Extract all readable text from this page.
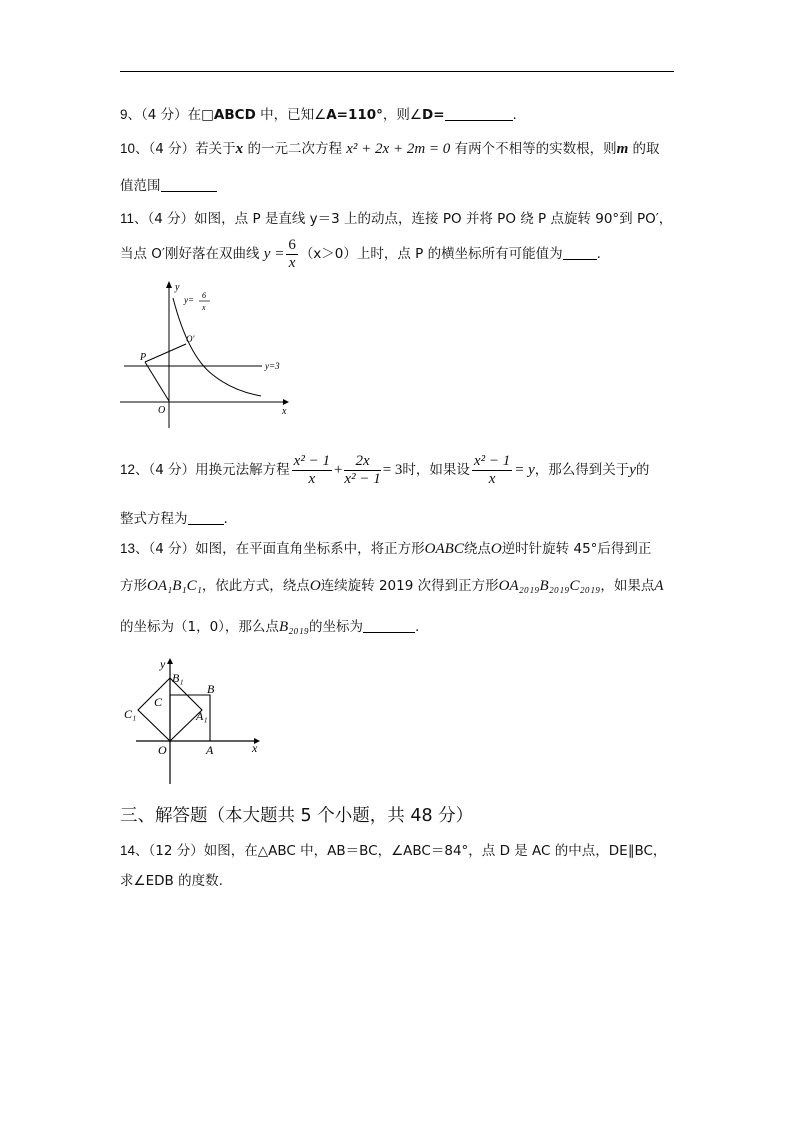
9、（4 分）在□ABCD 中，已知∠A=110°，则∠D=	.
10、（4 分）若关于x 的一元二次方程 x² + 2x + 2m = 0 有两个不相等的实数根，则m 的取
值范围
11、（4 分）如图，点 P 是直线 y＝3 上的动点，连接 PO 并将 PO 绕 P 点旋转 90°到 PO′，
当点 O′刚好落在双曲线 $y = \frac{6}{x} (x>0)$上时，点 P 的横坐标所有可能值为	.
y= 6
x
y=3
P
O'
O	x
y
12、（4 分）用换元法解方程 $\frac{\text{x² − 1}}{x} + \frac{2x}{\text{x² − 1}} = 3$时，如果设 $\frac{\text{x² − 1}}{x} = y$，那么得到关于y的
整式方程为	.
13、（4 分）如图，在平面直角坐标系中，将正方形OABC绕点O逆时针旋转 45°后得到正
方形OA₁B₁C₁，依此方式，绕点O连续旋转 2019 次得到正方形OA₂₀₁₉B₂₀₁₉C₂₀₁₉，如果点A
的坐标为（1，0），那么点B₂₀₁₉的坐标为	.
y
x
B₁
B
C
C₁	A₁
O	A
三、解答题（本大题共 5 个小题，共 48 分）
14、（12 分）如图，在△ABC 中，AB＝BC，∠ABC＝84°，点 D 是 AC 的中点，DE∥BC，
求∠EDB 的度数.
